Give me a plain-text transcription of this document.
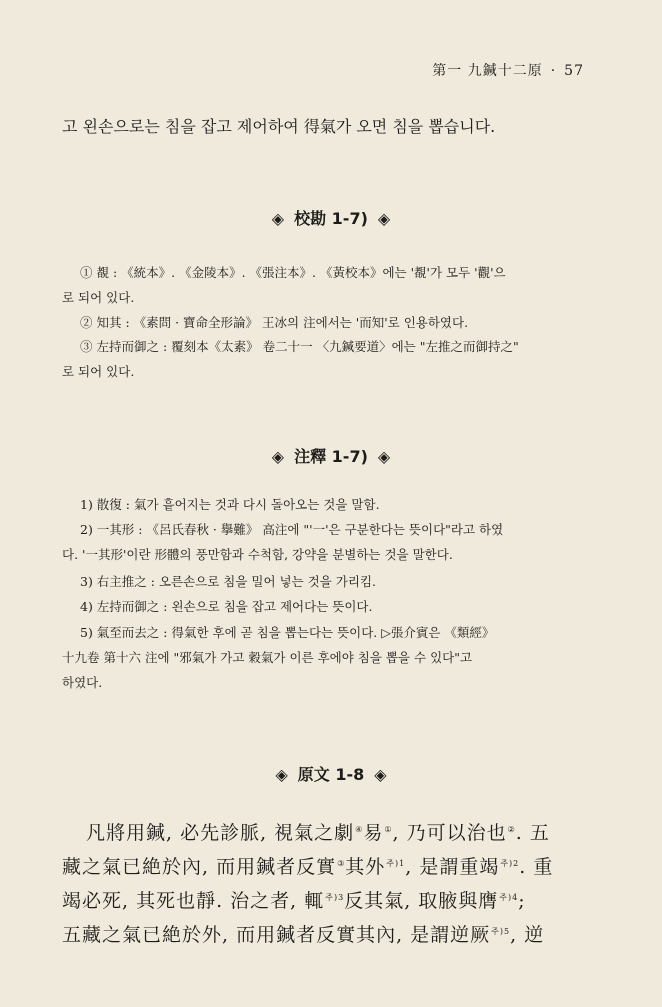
第一 九鍼十二原 · 57
고 왼손으로는 침을 잡고 제어하여 得氣가 오면 침을 뽑습니다.
◈ 校勘 1-7) ◈
① 覩 : 《統本》. 《金陵本》. 《張注本》. 《黃校本》에는 '覩'가 모두 '觀'으
로 되어 있다.
② 知其 : 《素問 · 寶命全形論》 王冰의 注에서는 '而知'로 인용하였다.
③ 左持而御之 : 覆刻本《太素》 卷二十一 〈九鍼要道〉에는 "左推之而御持之"
로 되어 있다.
◈ 注釋 1-7) ◈
1) 散復 : 氣가 흩어지는 것과 다시 돌아오는 것을 말함.
2) 一其形 : 《呂氏春秋 · 擧難》 高注에 "'一'은 구분한다는 뜻이다"라고 하였
다. '一其形'이란 形體의 풍만함과 수척함, 강약을 분별하는 것을 말한다.
3) 右主推之 : 오른손으로 침을 밀어 넣는 것을 가리킴.
4) 左持而御之 : 왼손으로 침을 잡고 제어다는 뜻이다.
5) 氣至而去之 : 得氣한 후에 곧 침을 뽑는다는 뜻이다. ▷張介賓은 《類經》
十九卷 第十六 注에 "邪氣가 가고 穀氣가 이른 후에야 침을 뽑을 수 있다"고
하였다.
◈ 原文 1-8 ◈
凡將用鍼, 必先診脈, 視氣之劇④易①, 乃可以治也②. 五
藏之氣已絶於內, 而用鍼者反實③其外$^{주)1}$, 是謂重竭$^{주)2}$. 重
竭必死, 其死也靜. 治之者, 輒$^{주)3}$反其氣, 取腋與膺$^{주)4}$;
五藏之氣已絶於外, 而用鍼者反實其內, 是謂逆厥$^{주)5}$, 逆
